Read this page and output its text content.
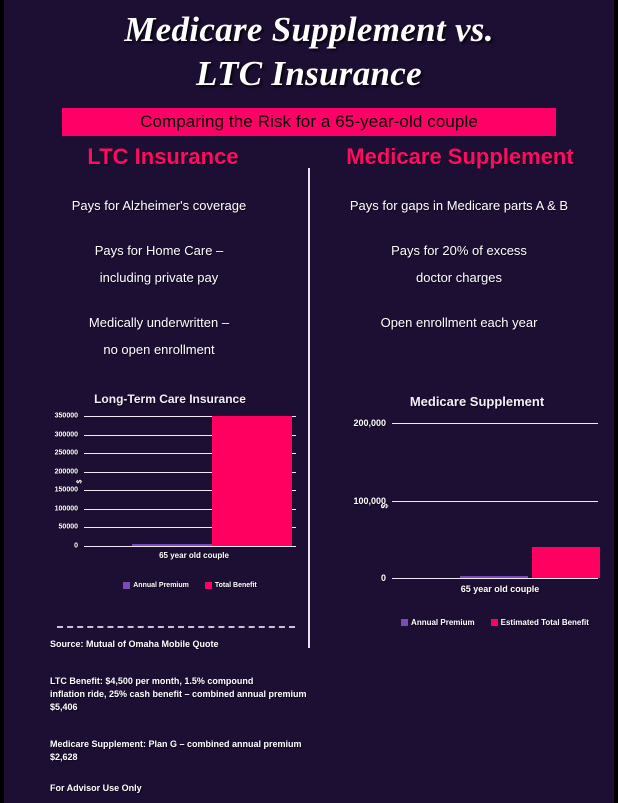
Medicare Supplement vs.
LTC Insurance
Comparing the Risk for a 65-year-old couple
LTC Insurance	Medicare Supplement
Pays for Alzheimer's coverage
Pays for Home Care –
including private pay
Medically underwritten –
no open enrollment
Pays for gaps in Medicare parts A & B
Pays for 20% of excess
doctor charges
Open enrollment each year
Long-Term Care Insurance
$
0
50000
100000
150000
200000
250000
300000
350000
65 year old couple
Annual Premium	Total Benefit
Medicare Supplement
$
0
100,000
200,000
65 year old couple
Annual Premium	Estimated Total Benefit
Source: Mutual of Omaha Mobile Quote
LTC Benefit: $4,500 per month, 1.5% compound
inflation ride, 25% cash benefit – combined annual premium
$5,406
Medicare Supplement: Plan G – combined annual premium
$2,628
For Advisor Use Only
